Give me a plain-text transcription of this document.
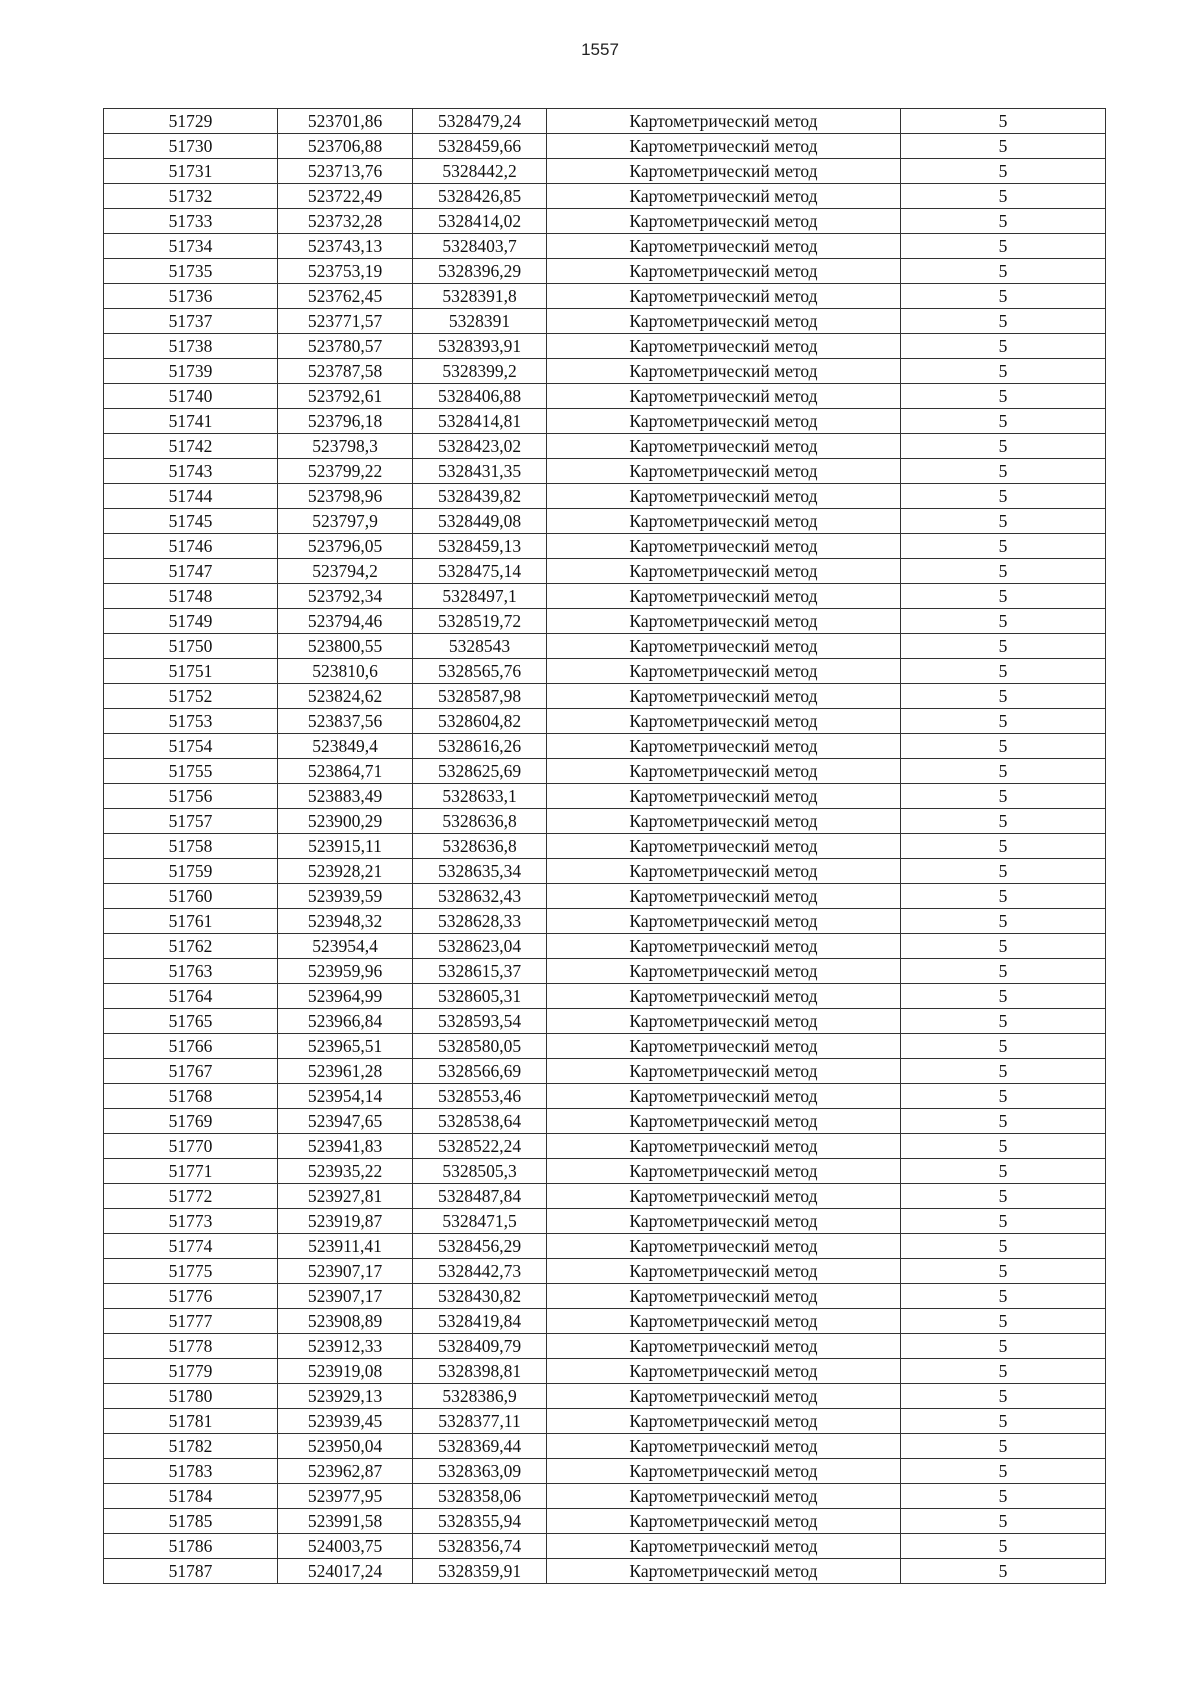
1557
51729	523701,86	5328479,24	Картометрический метод	5
51730	523706,88	5328459,66	Картометрический метод	5
51731	523713,76	5328442,2	Картометрический метод	5
51732	523722,49	5328426,85	Картометрический метод	5
51733	523732,28	5328414,02	Картометрический метод	5
51734	523743,13	5328403,7	Картометрический метод	5
51735	523753,19	5328396,29	Картометрический метод	5
51736	523762,45	5328391,8	Картометрический метод	5
51737	523771,57	5328391	Картометрический метод	5
51738	523780,57	5328393,91	Картометрический метод	5
51739	523787,58	5328399,2	Картометрический метод	5
51740	523792,61	5328406,88	Картометрический метод	5
51741	523796,18	5328414,81	Картометрический метод	5
51742	523798,3	5328423,02	Картометрический метод	5
51743	523799,22	5328431,35	Картометрический метод	5
51744	523798,96	5328439,82	Картометрический метод	5
51745	523797,9	5328449,08	Картометрический метод	5
51746	523796,05	5328459,13	Картометрический метод	5
51747	523794,2	5328475,14	Картометрический метод	5
51748	523792,34	5328497,1	Картометрический метод	5
51749	523794,46	5328519,72	Картометрический метод	5
51750	523800,55	5328543	Картометрический метод	5
51751	523810,6	5328565,76	Картометрический метод	5
51752	523824,62	5328587,98	Картометрический метод	5
51753	523837,56	5328604,82	Картометрический метод	5
51754	523849,4	5328616,26	Картометрический метод	5
51755	523864,71	5328625,69	Картометрический метод	5
51756	523883,49	5328633,1	Картометрический метод	5
51757	523900,29	5328636,8	Картометрический метод	5
51758	523915,11	5328636,8	Картометрический метод	5
51759	523928,21	5328635,34	Картометрический метод	5
51760	523939,59	5328632,43	Картометрический метод	5
51761	523948,32	5328628,33	Картометрический метод	5
51762	523954,4	5328623,04	Картометрический метод	5
51763	523959,96	5328615,37	Картометрический метод	5
51764	523964,99	5328605,31	Картометрический метод	5
51765	523966,84	5328593,54	Картометрический метод	5
51766	523965,51	5328580,05	Картометрический метод	5
51767	523961,28	5328566,69	Картометрический метод	5
51768	523954,14	5328553,46	Картометрический метод	5
51769	523947,65	5328538,64	Картометрический метод	5
51770	523941,83	5328522,24	Картометрический метод	5
51771	523935,22	5328505,3	Картометрический метод	5
51772	523927,81	5328487,84	Картометрический метод	5
51773	523919,87	5328471,5	Картометрический метод	5
51774	523911,41	5328456,29	Картометрический метод	5
51775	523907,17	5328442,73	Картометрический метод	5
51776	523907,17	5328430,82	Картометрический метод	5
51777	523908,89	5328419,84	Картометрический метод	5
51778	523912,33	5328409,79	Картометрический метод	5
51779	523919,08	5328398,81	Картометрический метод	5
51780	523929,13	5328386,9	Картометрический метод	5
51781	523939,45	5328377,11	Картометрический метод	5
51782	523950,04	5328369,44	Картометрический метод	5
51783	523962,87	5328363,09	Картометрический метод	5
51784	523977,95	5328358,06	Картометрический метод	5
51785	523991,58	5328355,94	Картометрический метод	5
51786	524003,75	5328356,74	Картометрический метод	5
51787	524017,24	5328359,91	Картометрический метод	5
